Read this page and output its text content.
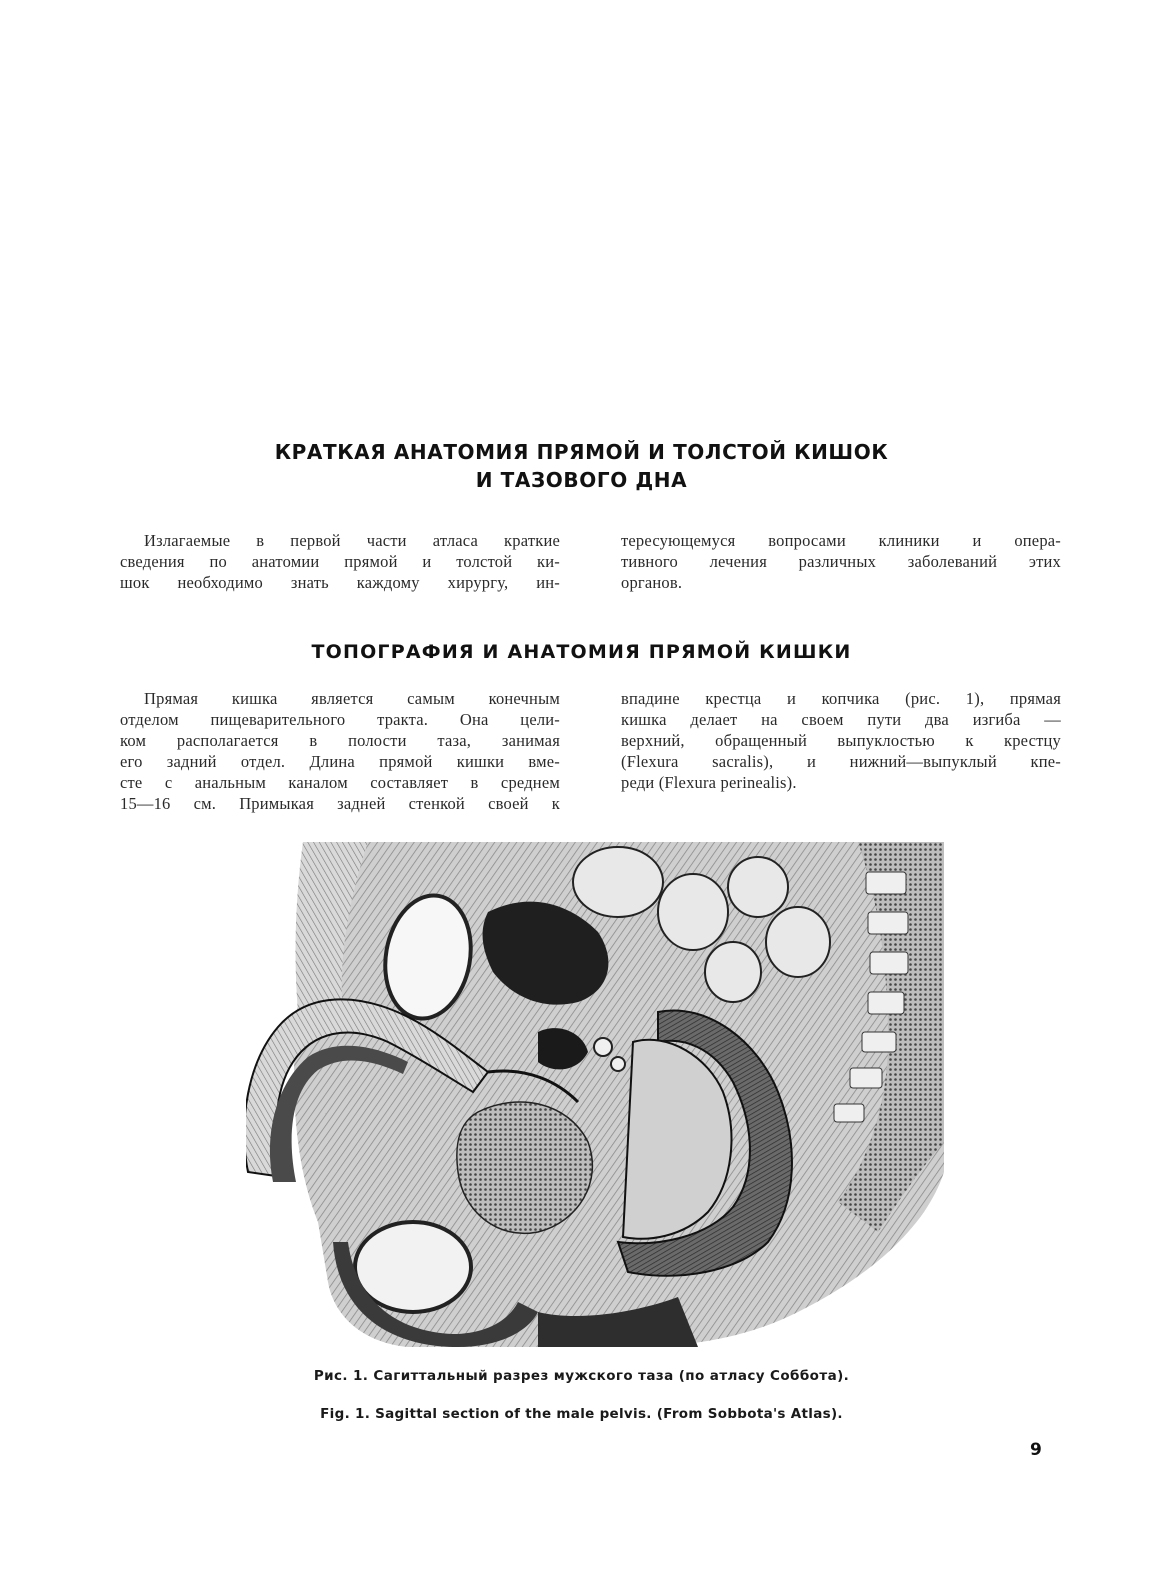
КРАТКАЯ АНАТОМИЯ ПРЯМОЙ И ТОЛСТОЙ КИШОК
И ТАЗОВОГО ДНА
Излагаемые в первой части атласа краткие
сведения по анатомии прямой и толстой ки-
шок необходимо знать каждому хирургу, ин-
тересующемуся вопросами клиники и опера-
тивного лечения различных заболеваний этих
органов.
ТОПОГРАФИЯ И АНАТОМИЯ ПРЯМОЙ КИШКИ
Прямая кишка является самым конечным
отделом пищеварительного тракта. Она цели-
ком располагается в полости таза, занимая
его задний отдел. Длина прямой кишки вме-
сте с анальным каналом составляет в среднем
15—16 см. Примыкая задней стенкой своей к
впадине крестца и копчика (рис. 1), прямая
кишка делает на своем пути два изгиба —
верхний, обращенный выпуклостью к крестцу
(Flexura sacralis), и нижний—выпуклый кпе-
реди (Flexura perinealis).
Рис. 1. Сагиттальный разрез мужского таза (по атласу Соббота).
Fig. 1. Sagittal section of the male pelvis. (From Sobbota's Atlas).
9
